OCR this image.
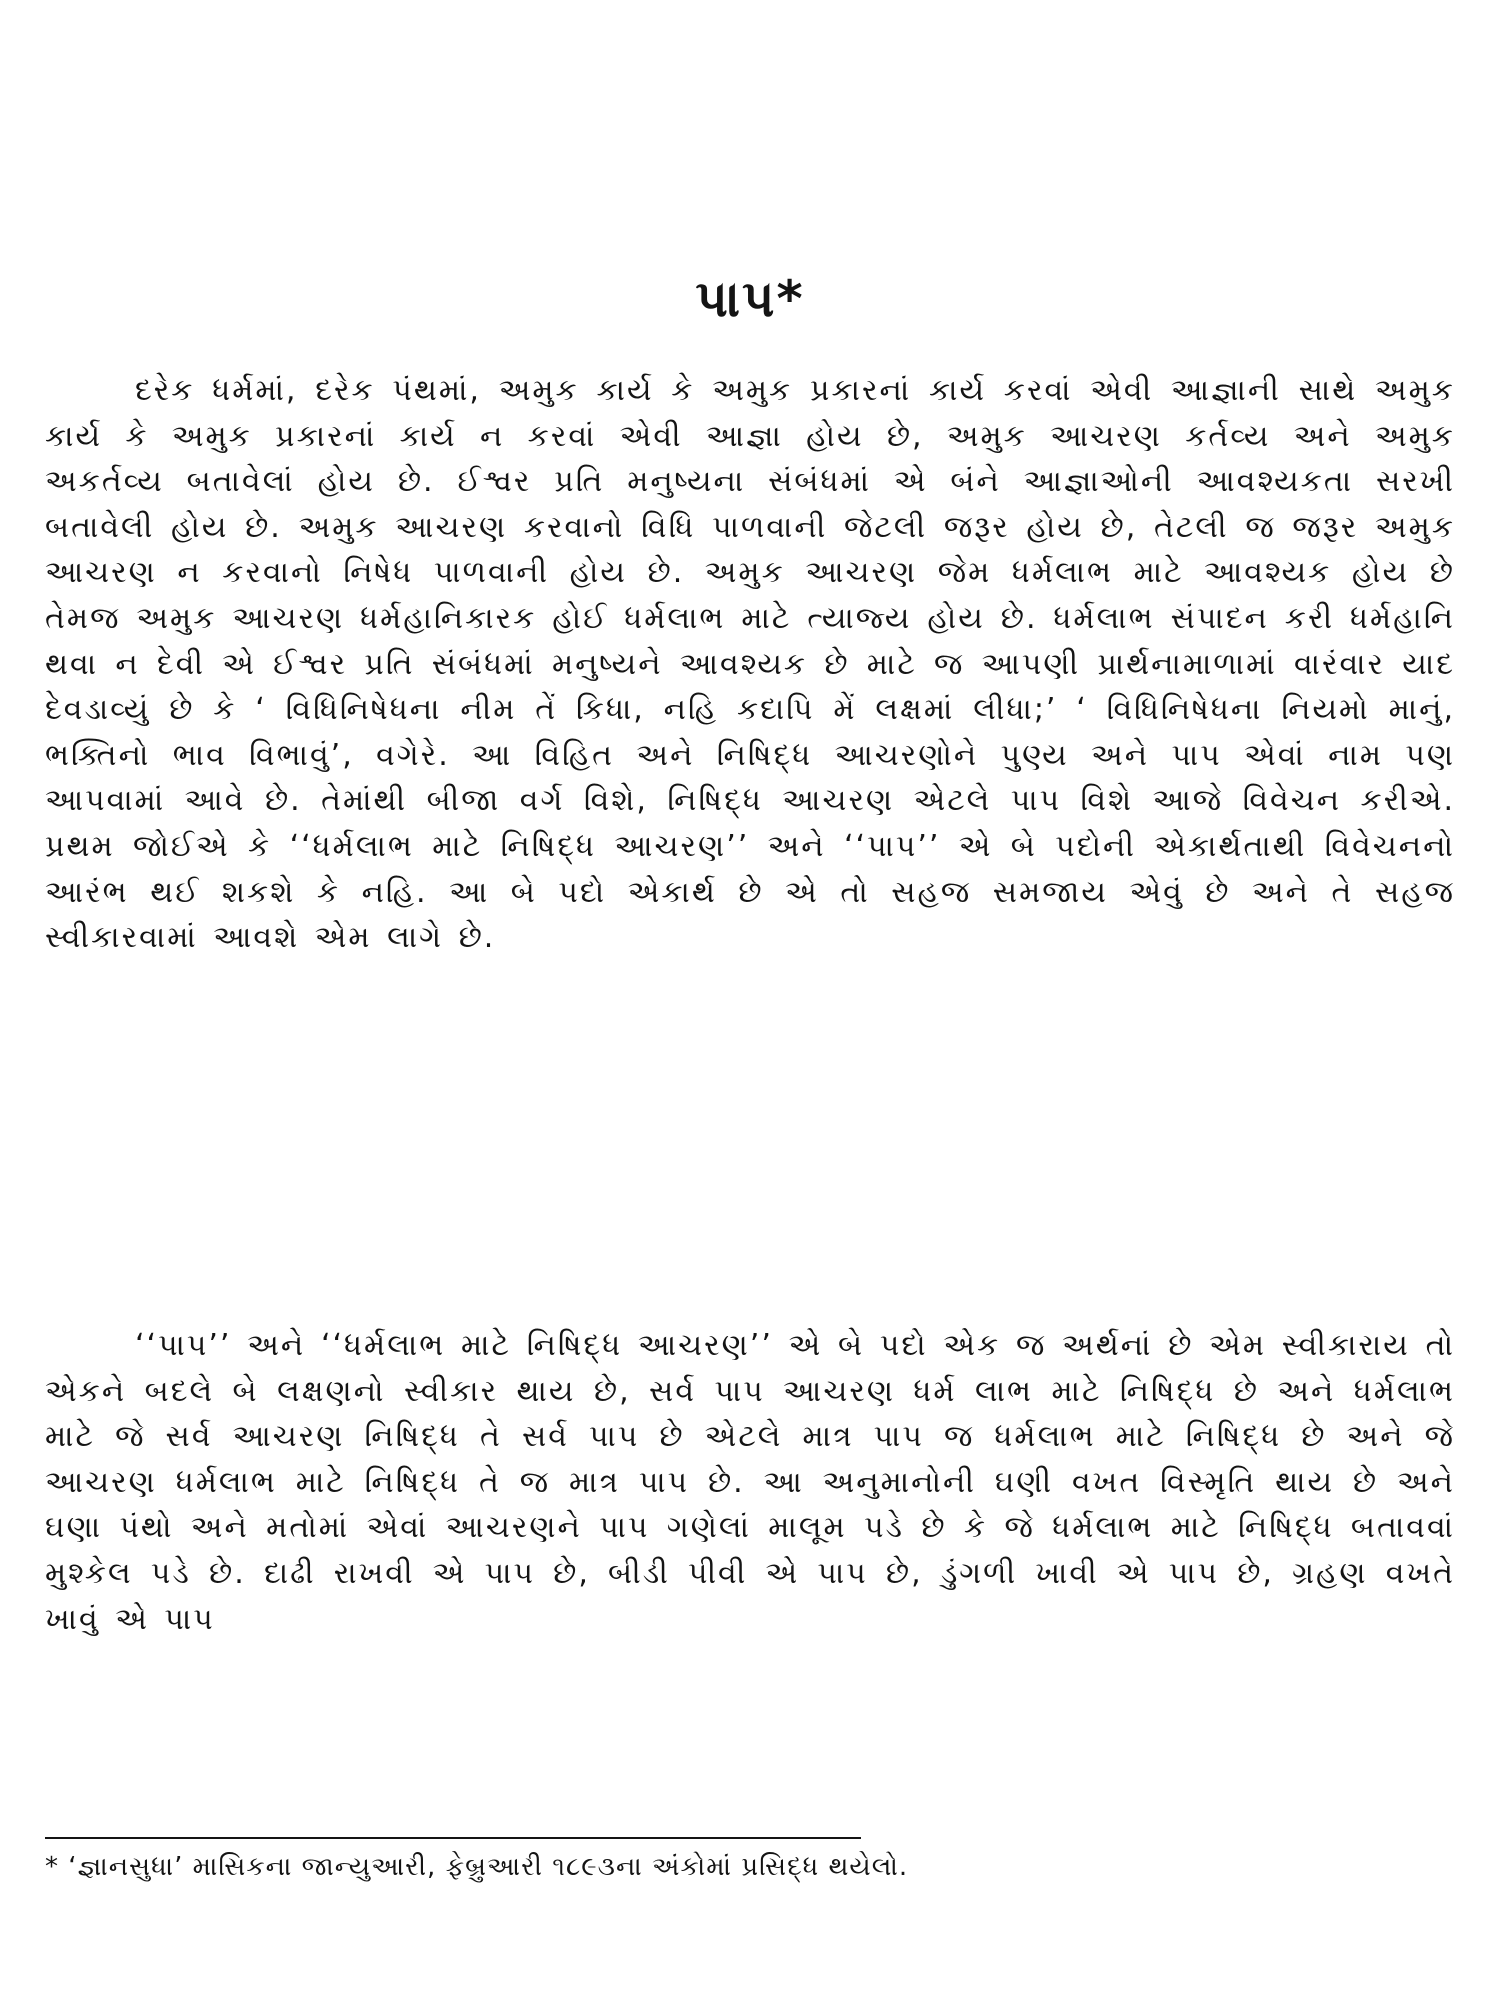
પાપ*

દરેક ધર્મમાં, દરેક પંથમાં, અમુક કાર્ય કે અમુક પ્રકારનાં કાર્ય કરવાં એવી આજ્ઞાની સાથે અમુક કાર્ય કે અમુક પ્રકારનાં કાર્ય ન કરવાં એવી આજ્ઞા હોય છે, અમુક આચરણ કર્તવ્ય અને અમુક અકર્તવ્ય બતાવેલાં હોય છે. ઈશ્વર પ્રતિ મનુષ્યના સંબંધમાં એ બંને આજ્ઞાઓની આવશ્યકતા સરખી બતાવેલી હોય છે. અમુક આચરણ કરવાનો વિધિ પાળવાની જેટલી જરૂર હોય છે, તેટલી જ જરૂર અમુક આચરણ ન કરવાનો નિષેધ પાળવાની હોય છે. અમુક આચરણ જેમ ધર્મલાભ માટે આવશ્યક હોય છે તેમજ અમુક આચરણ ધર્મહાનિકારક હોઈ ધર્મલાભ માટે ત્યાજ્ય હોય છે. ધર્મલાભ સંપાદન કરી ધર્મહાનિ થવા ન દેવી એ ઈશ્વર પ્રતિ સંબંધમાં મનુષ્યને આવશ્યક છે માટે જ આપણી પ્રાર્થનામાળામાં વારંવાર યાદ દેવડાવ્યું છે કે ‘ વિધિનિષેધના નીમ તેં કિધા, નહિ કદાપિ મેં લક્ષમાં લીધા;’ ‘ વિધિનિષેધના નિયમો માનું, ભક્તિનો ભાવ વિભાવું’, વગેરે. આ વિહિત અને નિષિદ્ધ આચરણોને પુણ્ય અને પાપ એવાં નામ પણ આપવામાં આવે છે. તેમાંથી બીજા વર્ગ વિશે, નિષિદ્ધ આચરણ એટલે પાપ વિશે આજે વિવેચન કરીએ. પ્રથમ જોઈએ કે ‘‘ધર્મલાભ માટે નિષિદ્ધ આચરણ’’ અને ‘‘પાપ’’ એ બે પદોની એકાર્થતાથી વિવેચનનો આરંભ થઈ શકશે કે નહિ. આ બે પદો એકાર્થ છે એ તો સહજ સમજાય એવું છે અને તે સહજ સ્વીકારવામાં આવશે એમ લાગે છે.

‘‘પાપ’’ અને ‘‘ધર્મલાભ માટે નિષિદ્ધ આચરણ’’ એ બે પદો એક જ અર્થનાં છે એમ સ્વીકારાય તો એકને બદલે બે લક્ષણનો સ્વીકાર થાય છે, સર્વ પાપ આચરણ ધર્મ લાભ માટે નિષિદ્ધ છે અને ધર્મલાભ માટે જે સર્વ આચરણ નિષિદ્ધ તે સર્વ પાપ છે એટલે માત્ર પાપ જ ધર્મલાભ માટે નિષિદ્ધ છે અને જે આચરણ ધર્મલાભ માટે નિષિદ્ધ તે જ માત્ર પાપ છે. આ અનુમાનોની ઘણી વખત વિસ્મૃતિ થાય છે અને ઘણા પંથો અને મતોમાં એવાં આચરણને પાપ ગણેલાં માલૂમ પડે છે કે જે ધર્મલાભ માટે નિષિદ્ધ બતાવવાં મુશ્કેલ પડે છે. દાઢી રાખવી એ પાપ છે, બીડી પીવી એ પાપ છે, ડુંગળી ખાવી એ પાપ છે, ગ્રહણ વખતે ખાવું એ પાપ

* ‘જ્ઞાનસુધા’ માસિકના જાન્યુઆરી, ફેબ્રુઆરી ૧૮૯૩ના અંકોમાં પ્રસિદ્ધ થયેલો.
